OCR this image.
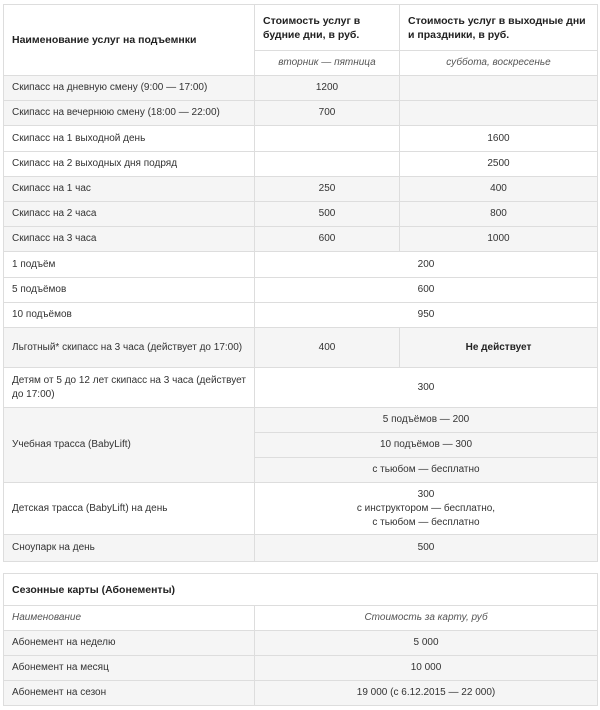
Наименование услуг на подъемнки	Стоимость услуг в будние дни, в руб.	Стоимость услуг в выходные дни и праздники, в руб.
	вторник — пятница	суббота, воскресенье
Скипасс на дневную смену (9:00 — 17:00)	1200	
Скипасс на вечернюю смену (18:00 — 22:00)	700	
Скипасс на 1 выходной день		1600
Скипасс на 2 выходных дня подряд		2500
Скипасс на 1 час	250	400
Скипасс на 2 часа	500	800
Скипасс на 3 часа	600	1000
1 подъём	200	
5 подъёмов	600	
10 подъёмов	950	
Льготный* скипасс на 3 часа (действует до 17:00)	400	Не действует
Детям от 5 до 12 лет скипасс на 3 часа (действует до 17:00)	300	
Учебная трасса (BabyLift)	5 подъёмов — 200	
	10 подъёмов — 300	
	с тьюбом — бесплатно	
Детская трасса (BabyLift) на день	300
с инструктором — бесплатно,
с тьюбом — бесплатно	

Сноупарк на день	500	
Сезонные карты (Абонементы)	
Наименование	Стоимость за карту, руб
Абонемент на неделю	5 000
Абонемент на месяц	10 000
Абонемент на сезон	19 000 (с 6.12.2015 — 22 000)
